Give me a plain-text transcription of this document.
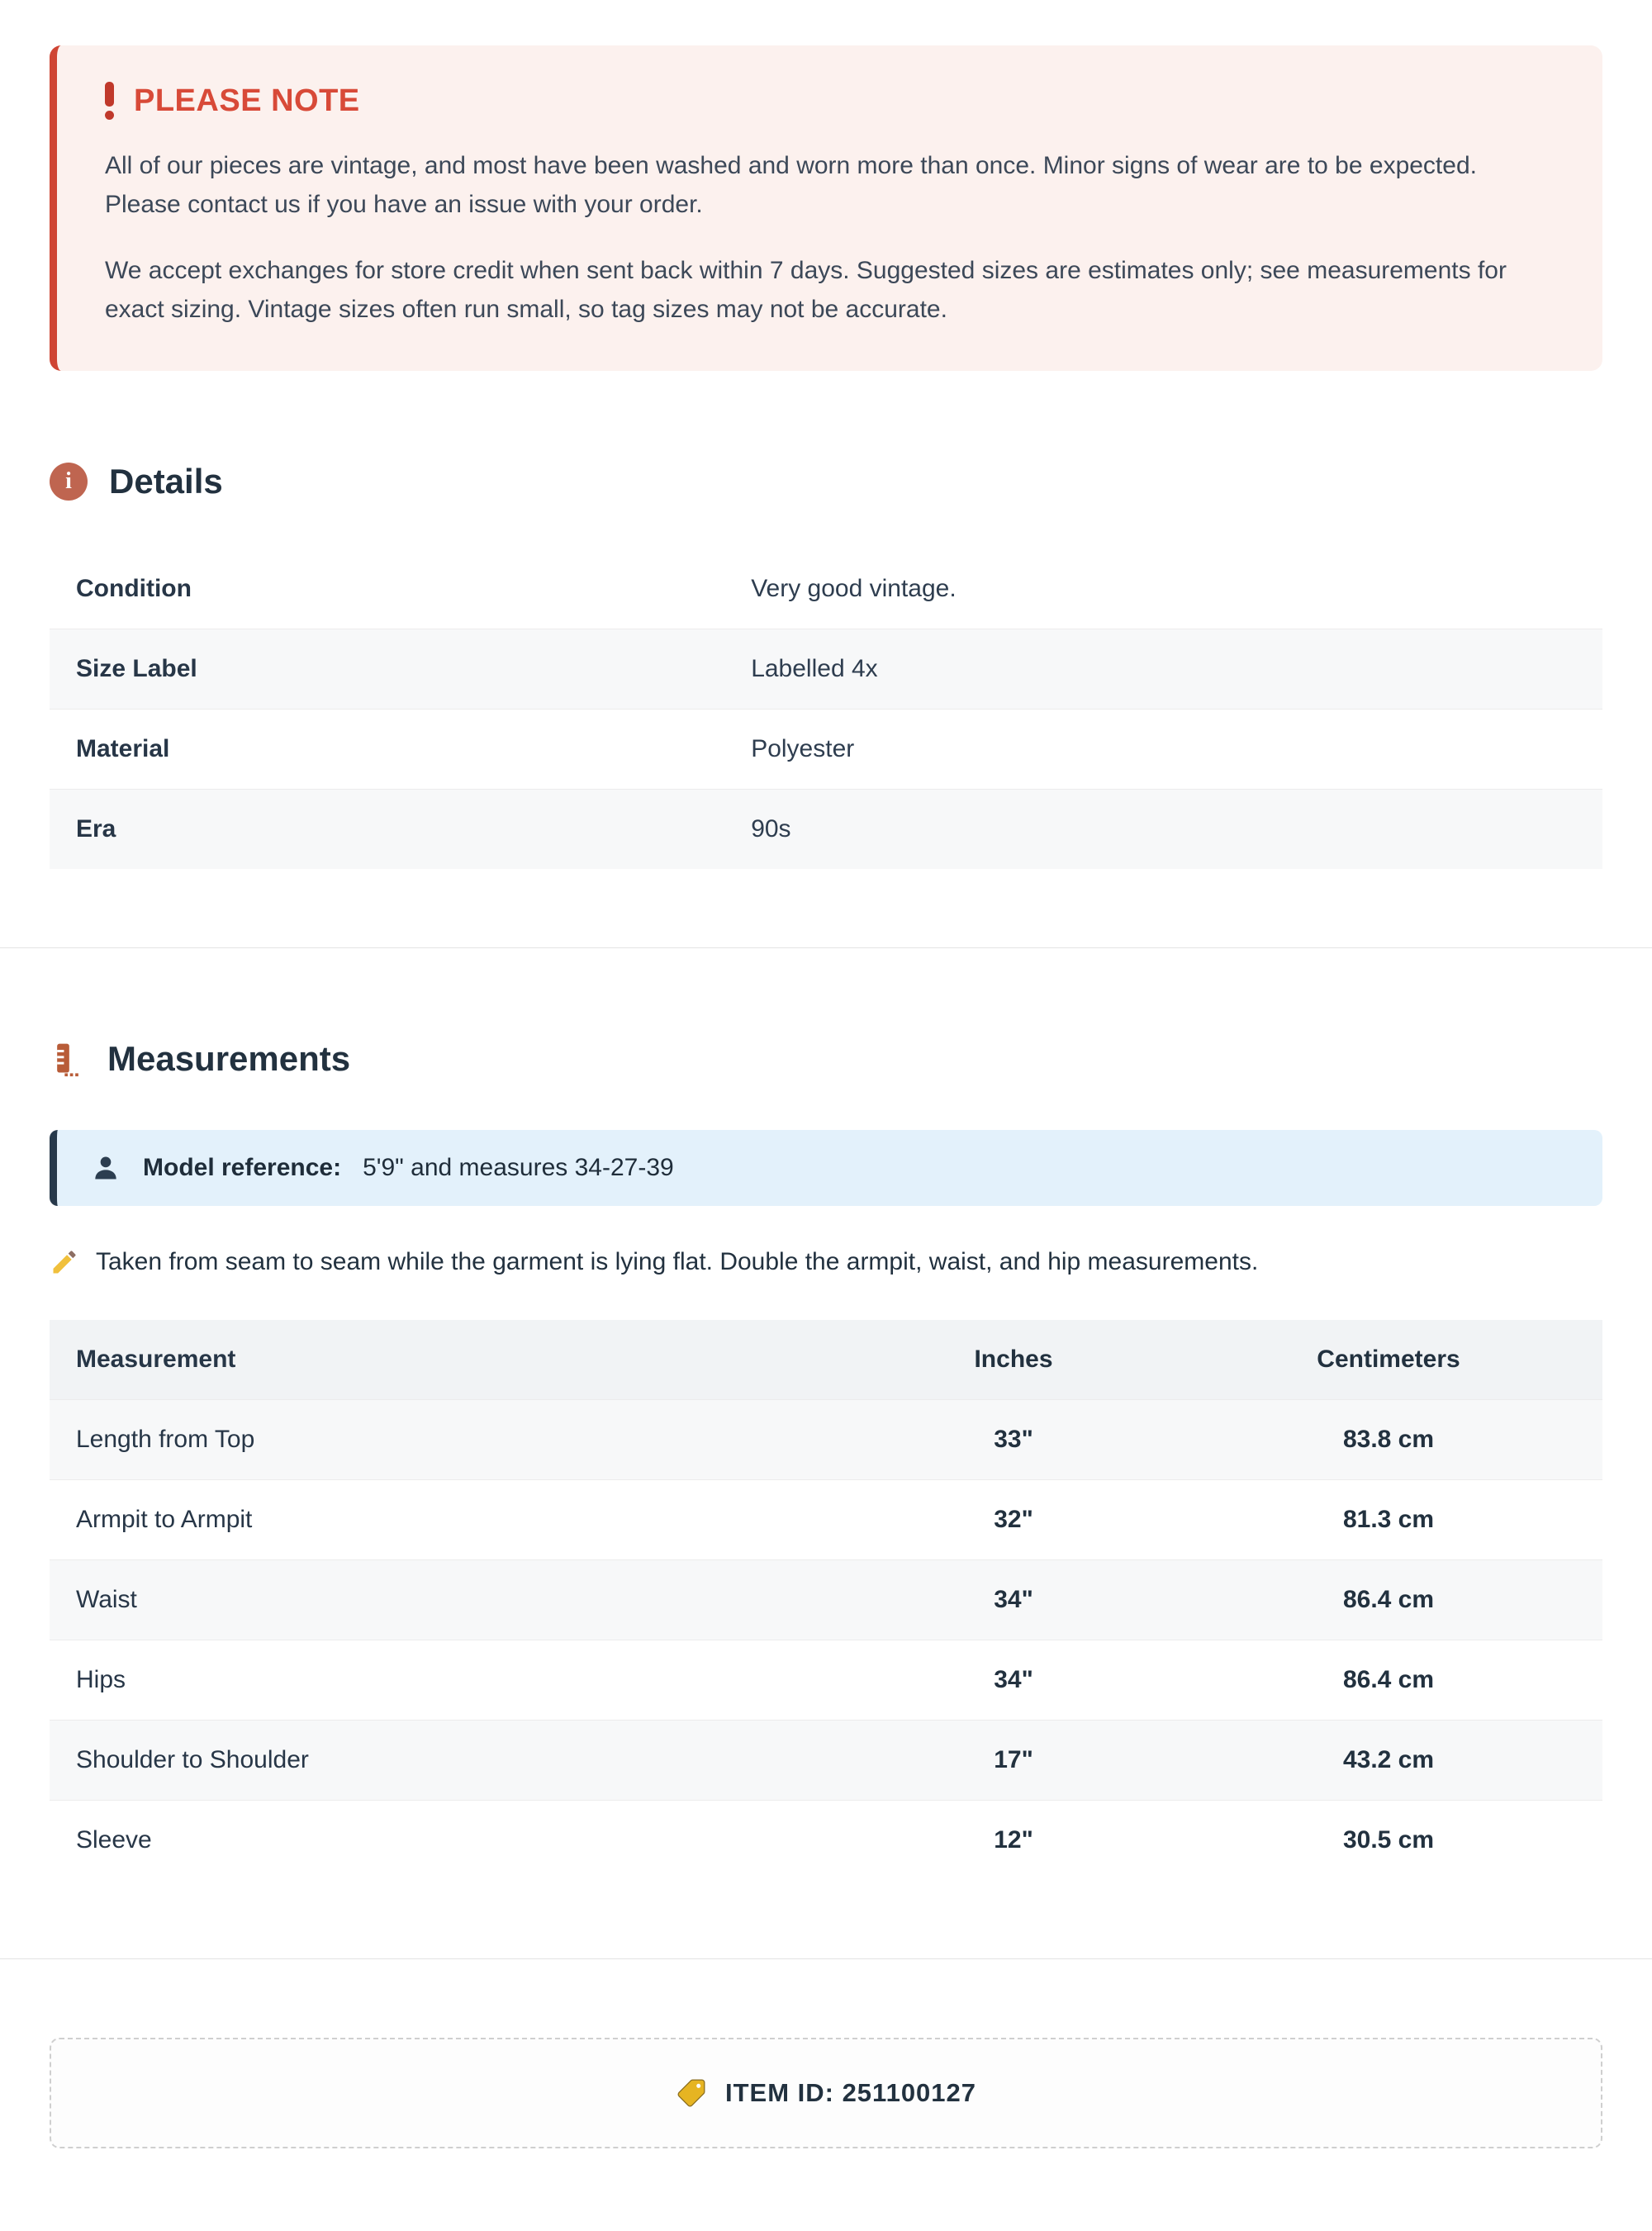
PLEASE NOTE

All of our pieces are vintage, and most have been washed and worn more than once. Minor signs of wear are to be expected. Please contact us if you have an issue with your order.

We accept exchanges for store credit when sent back within 7 days. Suggested sizes are estimates only; see measurements for exact sizing. Vintage sizes often run small, so tag sizes may not be accurate.

i	Details
Condition	Very good vintage.
Size Label	Labelled 4x
Material	Polyester
Era	90s
Measurements
Model reference: 5'9" and measures 34-27-39
Taken from seam to seam while the garment is lying flat. Double the armpit, waist, and hip measurements.
Measurement	Inches	Centimeters
Length from Top	33"	83.8 cm
Armpit to Armpit	32"	81.3 cm
Waist	34"	86.4 cm
Hips	34"	86.4 cm
Shoulder to Shoulder	17"	43.2 cm
Sleeve	12"	30.5 cm
ITEM ID: 251100127
